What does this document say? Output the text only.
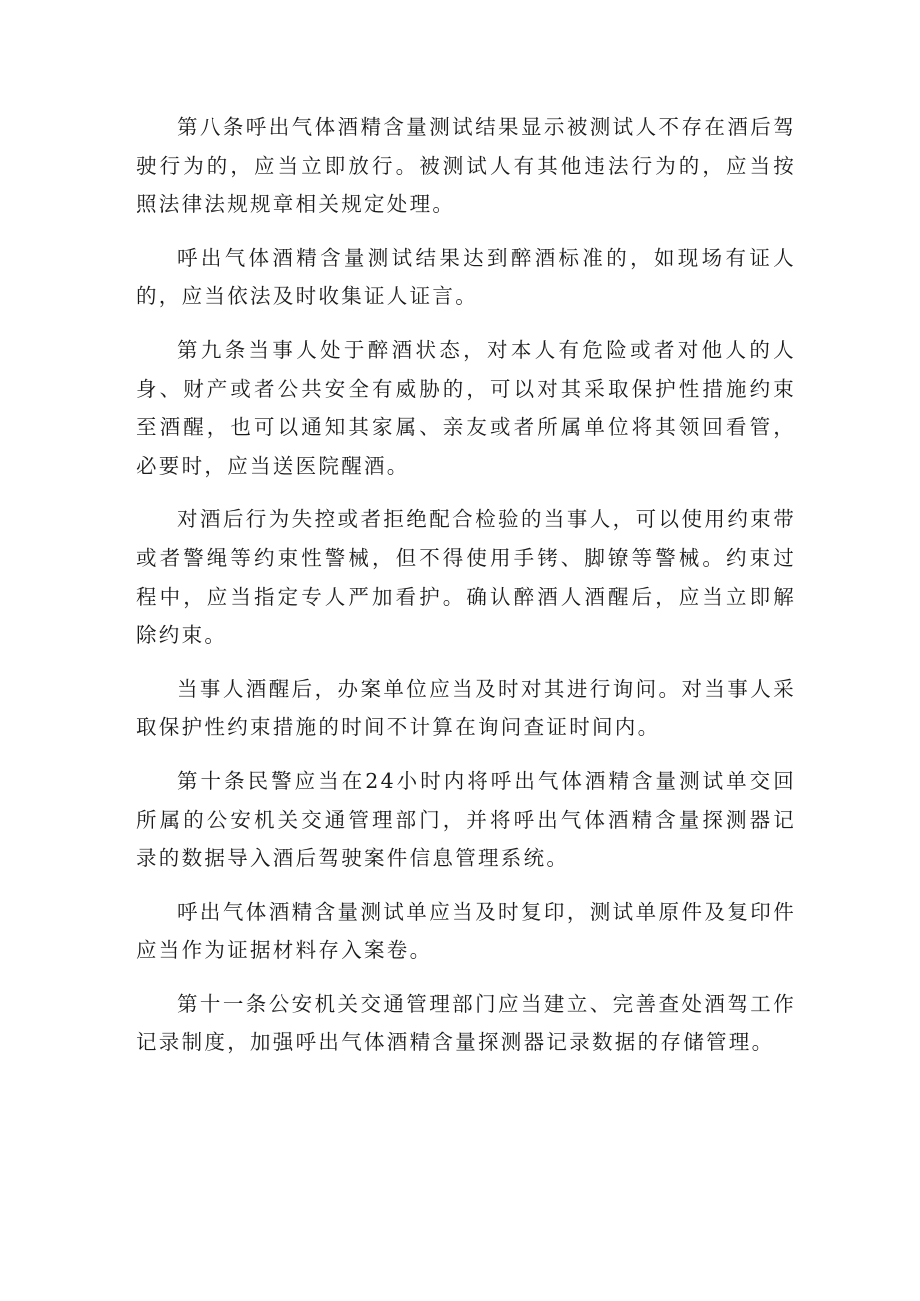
第八条呼出气体酒精含量测试结果显示被测试人不存在酒后驾驶行为的，应当立即放行。被测试人有其他违法行为的，应当按照法律法规规章相关规定处理。

呼出气体酒精含量测试结果达到醉酒标准的，如现场有证人的，应当依法及时收集证人证言。

第九条当事人处于醉酒状态，对本人有危险或者对他人的人身、财产或者公共安全有威胁的，可以对其采取保护性措施约束至酒醒，也可以通知其家属、亲友或者所属单位将其领回看管，必要时，应当送医院醒酒。

对酒后行为失控或者拒绝配合检验的当事人，可以使用约束带或者警绳等约束性警械，但不得使用手铐、脚镣等警械。约束过程中，应当指定专人严加看护。确认醉酒人酒醒后，应当立即解除约束。

当事人酒醒后，办案单位应当及时对其进行询问。对当事人采取保护性约束措施的时间不计算在询问查证时间内。

第十条民警应当在24小时内将呼出气体酒精含量测试单交回所属的公安机关交通管理部门，并将呼出气体酒精含量探测器记录的数据导入酒后驾驶案件信息管理系统。

呼出气体酒精含量测试单应当及时复印，测试单原件及复印件应当作为证据材料存入案卷。

第十一条公安机关交通管理部门应当建立、完善查处酒驾工作记录制度，加强呼出气体酒精含量探测器记录数据的存储管理。
